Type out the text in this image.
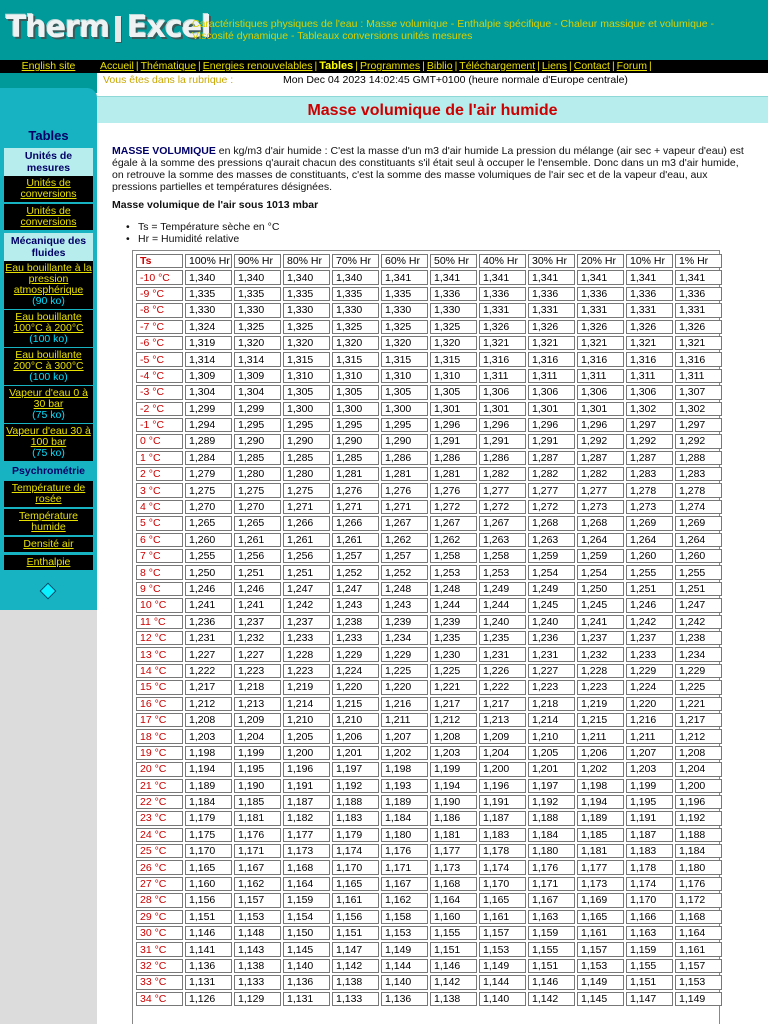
Therm Excel
Caractéristiques physiques de l'eau : Masse volumique - Enthalpie spécifique - Chaleur massique et volumique - Viscosité dynamique - Tableaux conversions unités mesures
English site	Accueil | Thématique | Energies renouvelables | Tables | Programmes | Biblio | Téléchargement | Liens | Contact | Forum |
Vous êtes dans la rubrique :	Mon Dec 04 2023 14:02:45 GMT+0100 (heure normale d'Europe centrale)
Tables
Unités de mesures
Unités de conversions
Unités de conversions
Mécanique des fluides
Eau bouillante à la pression atmosphérique
(90 ko)
Eau bouillante 100°C à 200°C
(100 ko)
Eau bouillante 200°C à 300°C
(100 ko)
Vapeur d'eau 0 à 30 bar
(75 ko)
Vapeur d'eau 30 à 100 bar
(75 ko)
Psychrométrie
Température de rosée
Température humide
Densité air
Enthalpie
Masse volumique de l'air humide
MASSE VOLUMIQUE en kg/m3 d'air humide : C'est la masse d'un m3 d'air humide La pression du mélange (air sec + vapeur d'eau) est égale à la somme des pressions q'aurait chacun des constituants s'il était seul à occuper le l'ensemble. Donc dans un m3 d'air humide, on retrouve la somme des masses de constituants, c'est la somme des masse volumiques de l'air sec et de la vapeur d'eau, aux pressions partielles et températures désignées.
Masse volumique de l'air sous 1013 mbar
• Ts = Température sèche en °C
• Hr = Humidité relative
Ts	100% Hr	90% Hr	80% Hr	70% Hr	60% Hr	50% Hr	40% Hr	30% Hr	20% Hr	10% Hr	1% Hr
-10 °C	1,340	1,340	1,340	1,340	1,341	1,341	1,341	1,341	1,341	1,341	1,341
-9 °C	1,335	1,335	1,335	1,335	1,335	1,336	1,336	1,336	1,336	1,336	1,336
-8 °C	1,330	1,330	1,330	1,330	1,330	1,330	1,331	1,331	1,331	1,331	1,331
-7 °C	1,324	1,325	1,325	1,325	1,325	1,325	1,326	1,326	1,326	1,326	1,326
-6 °C	1,319	1,320	1,320	1,320	1,320	1,320	1,321	1,321	1,321	1,321	1,321
-5 °C	1,314	1,314	1,315	1,315	1,315	1,315	1,316	1,316	1,316	1,316	1,316
-4 °C	1,309	1,309	1,310	1,310	1,310	1,310	1,311	1,311	1,311	1,311	1,311
-3 °C	1,304	1,304	1,305	1,305	1,305	1,305	1,306	1,306	1,306	1,306	1,307
-2 °C	1,299	1,299	1,300	1,300	1,300	1,301	1,301	1,301	1,301	1,302	1,302
-1 °C	1,294	1,295	1,295	1,295	1,295	1,296	1,296	1,296	1,296	1,297	1,297
0 °C	1,289	1,290	1,290	1,290	1,290	1,291	1,291	1,291	1,292	1,292	1,292
1 °C	1,284	1,285	1,285	1,285	1,286	1,286	1,286	1,287	1,287	1,287	1,288
2 °C	1,279	1,280	1,280	1,281	1,281	1,281	1,282	1,282	1,282	1,283	1,283
3 °C	1,275	1,275	1,275	1,276	1,276	1,276	1,277	1,277	1,277	1,278	1,278
4 °C	1,270	1,270	1,271	1,271	1,271	1,272	1,272	1,272	1,273	1,273	1,274
5 °C	1,265	1,265	1,266	1,266	1,267	1,267	1,267	1,268	1,268	1,269	1,269
6 °C	1,260	1,261	1,261	1,261	1,262	1,262	1,263	1,263	1,264	1,264	1,264
7 °C	1,255	1,256	1,256	1,257	1,257	1,258	1,258	1,259	1,259	1,260	1,260
8 °C	1,250	1,251	1,251	1,252	1,252	1,253	1,253	1,254	1,254	1,255	1,255
9 °C	1,246	1,246	1,247	1,247	1,248	1,248	1,249	1,249	1,250	1,251	1,251
10 °C	1,241	1,241	1,242	1,243	1,243	1,244	1,244	1,245	1,245	1,246	1,247
11 °C	1,236	1,237	1,237	1,238	1,239	1,239	1,240	1,240	1,241	1,242	1,242
12 °C	1,231	1,232	1,233	1,233	1,234	1,235	1,235	1,236	1,237	1,237	1,238
13 °C	1,227	1,227	1,228	1,229	1,229	1,230	1,231	1,231	1,232	1,233	1,234
14 °C	1,222	1,223	1,223	1,224	1,225	1,225	1,226	1,227	1,228	1,229	1,229
15 °C	1,217	1,218	1,219	1,220	1,220	1,221	1,222	1,223	1,223	1,224	1,225
16 °C	1,212	1,213	1,214	1,215	1,216	1,217	1,217	1,218	1,219	1,220	1,221
17 °C	1,208	1,209	1,210	1,210	1,211	1,212	1,213	1,214	1,215	1,216	1,217
18 °C	1,203	1,204	1,205	1,206	1,207	1,208	1,209	1,210	1,211	1,211	1,212
19 °C	1,198	1,199	1,200	1,201	1,202	1,203	1,204	1,205	1,206	1,207	1,208
20 °C	1,194	1,195	1,196	1,197	1,198	1,199	1,200	1,201	1,202	1,203	1,204
21 °C	1,189	1,190	1,191	1,192	1,193	1,194	1,196	1,197	1,198	1,199	1,200
22 °C	1,184	1,185	1,187	1,188	1,189	1,190	1,191	1,192	1,194	1,195	1,196
23 °C	1,179	1,181	1,182	1,183	1,184	1,186	1,187	1,188	1,189	1,191	1,192
24 °C	1,175	1,176	1,177	1,179	1,180	1,181	1,183	1,184	1,185	1,187	1,188
25 °C	1,170	1,171	1,173	1,174	1,176	1,177	1,178	1,180	1,181	1,183	1,184
26 °C	1,165	1,167	1,168	1,170	1,171	1,173	1,174	1,176	1,177	1,178	1,180
27 °C	1,160	1,162	1,164	1,165	1,167	1,168	1,170	1,171	1,173	1,174	1,176
28 °C	1,156	1,157	1,159	1,161	1,162	1,164	1,165	1,167	1,169	1,170	1,172
29 °C	1,151	1,153	1,154	1,156	1,158	1,160	1,161	1,163	1,165	1,166	1,168
30 °C	1,146	1,148	1,150	1,151	1,153	1,155	1,157	1,159	1,161	1,163	1,164
31 °C	1,141	1,143	1,145	1,147	1,149	1,151	1,153	1,155	1,157	1,159	1,161
32 °C	1,136	1,138	1,140	1,142	1,144	1,146	1,149	1,151	1,153	1,155	1,157
33 °C	1,131	1,133	1,136	1,138	1,140	1,142	1,144	1,146	1,149	1,151	1,153
34 °C	1,126	1,129	1,131	1,133	1,136	1,138	1,140	1,142	1,145	1,147	1,149
